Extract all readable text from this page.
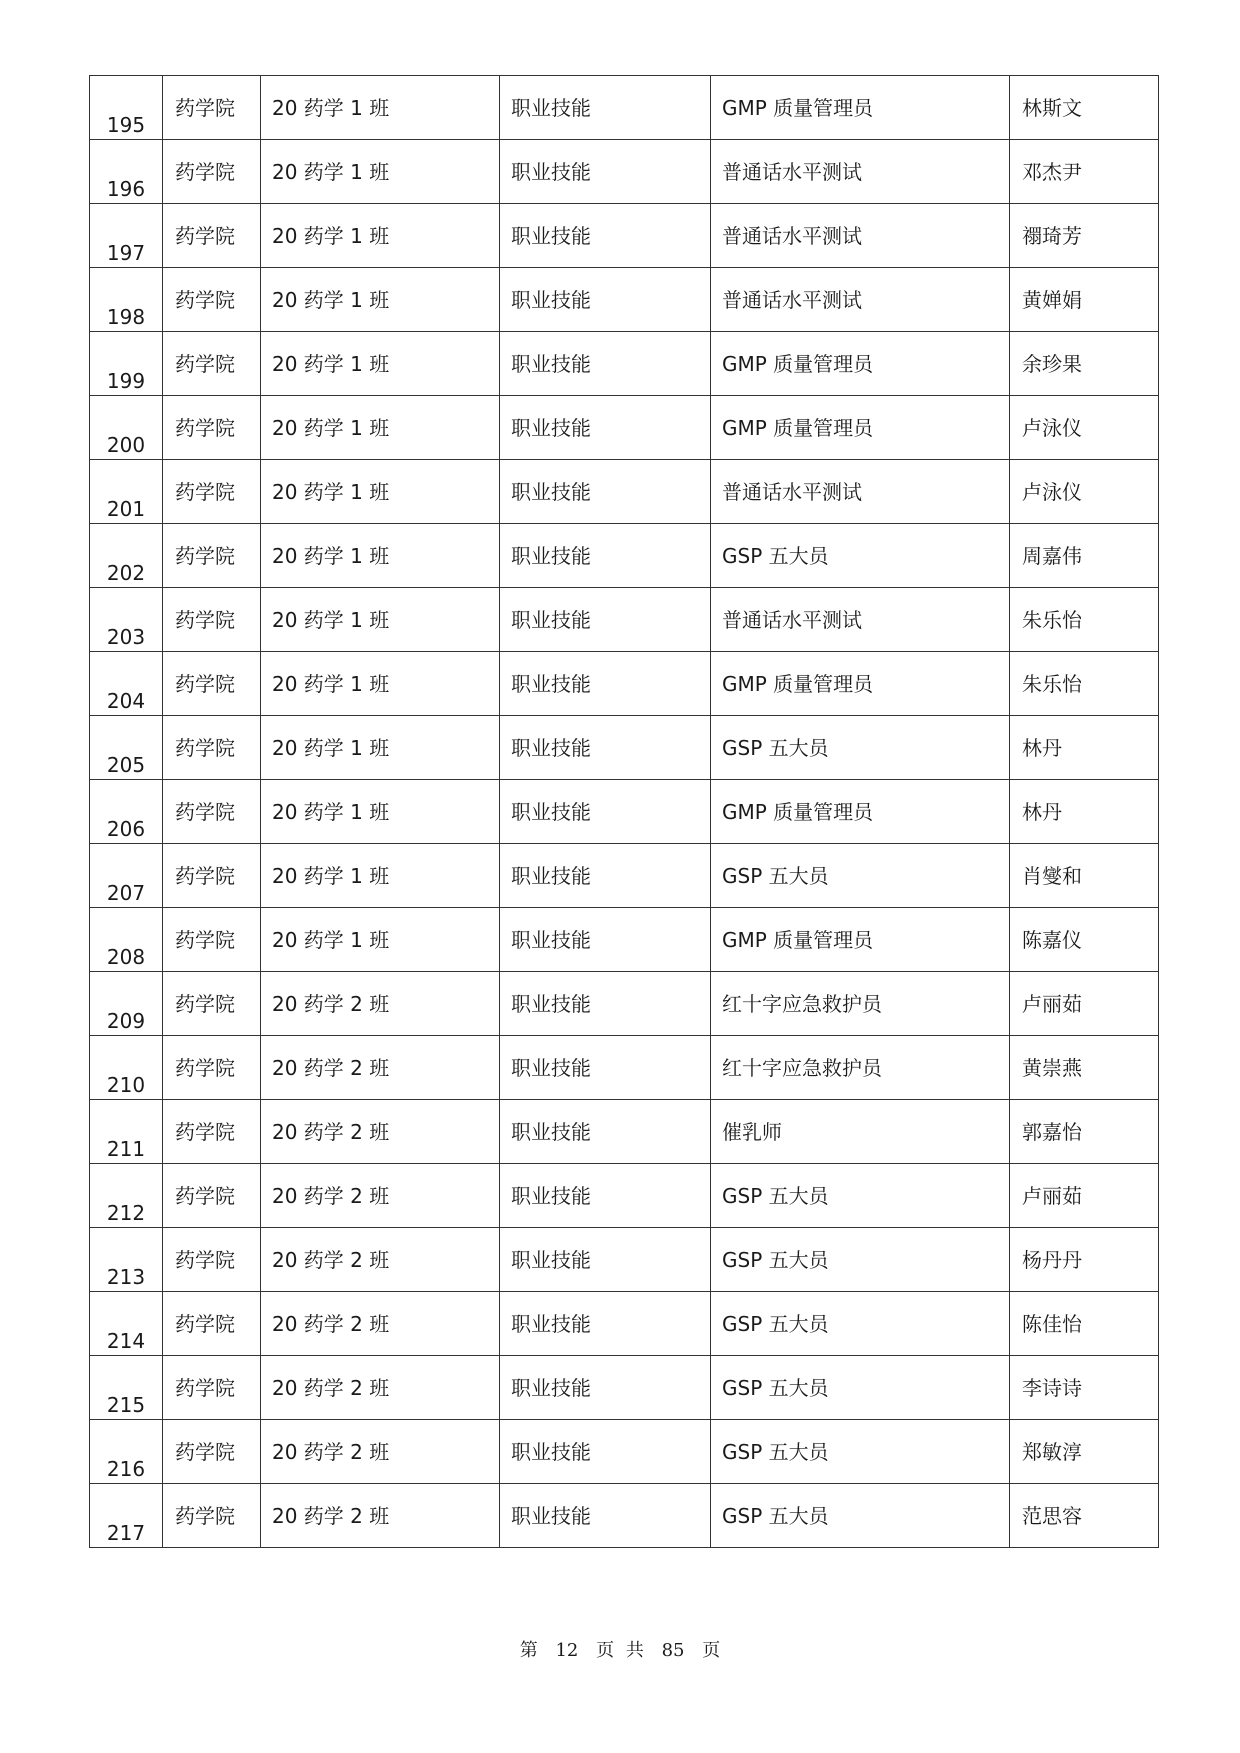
195	药学院	20 药学 1 班	职业技能	GMP 质量管理员	林斯文
196	药学院	20 药学 1 班	职业技能	普通话水平测试	邓杰尹
197	药学院	20 药学 1 班	职业技能	普通话水平测试	禤琦芳
198	药学院	20 药学 1 班	职业技能	普通话水平测试	黄婵娟
199	药学院	20 药学 1 班	职业技能	GMP 质量管理员	余珍果
200	药学院	20 药学 1 班	职业技能	GMP 质量管理员	卢泳仪
201	药学院	20 药学 1 班	职业技能	普通话水平测试	卢泳仪
202	药学院	20 药学 1 班	职业技能	GSP 五大员	周嘉伟
203	药学院	20 药学 1 班	职业技能	普通话水平测试	朱乐怡
204	药学院	20 药学 1 班	职业技能	GMP 质量管理员	朱乐怡
205	药学院	20 药学 1 班	职业技能	GSP 五大员	林丹
206	药学院	20 药学 1 班	职业技能	GMP 质量管理员	林丹
207	药学院	20 药学 1 班	职业技能	GSP 五大员	肖燮和
208	药学院	20 药学 1 班	职业技能	GMP 质量管理员	陈嘉仪
209	药学院	20 药学 2 班	职业技能	红十字应急救护员	卢丽茹
210	药学院	20 药学 2 班	职业技能	红十字应急救护员	黄崇燕
211	药学院	20 药学 2 班	职业技能	催乳师	郭嘉怡
212	药学院	20 药学 2 班	职业技能	GSP 五大员	卢丽茹
213	药学院	20 药学 2 班	职业技能	GSP 五大员	杨丹丹
214	药学院	20 药学 2 班	职业技能	GSP 五大员	陈佳怡
215	药学院	20 药学 2 班	职业技能	GSP 五大员	李诗诗
216	药学院	20 药学 2 班	职业技能	GSP 五大员	郑敏淳
217	药学院	20 药学 2 班	职业技能	GSP 五大员	范思容
第 12 页 共 85 页
